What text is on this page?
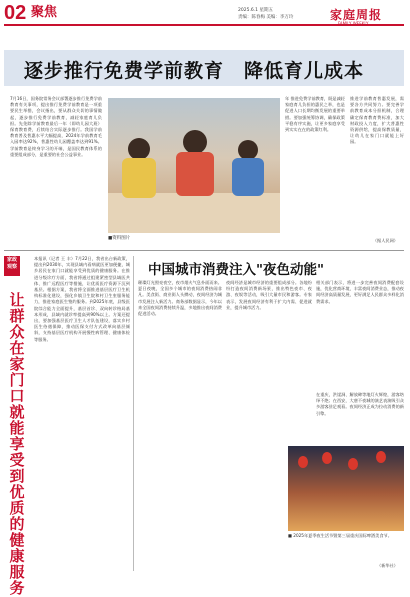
02 聚焦	2025.6.1 星期五
责编：陈春梅 美编：李万玲	家庭周报
FAMILY WEEKLY
逐步推行免费学前教育　降低育儿成本
7月16日，国务院常务会议部署逐步推行免费学前教育有关事项，提出推行免费学前教育是一项重要民生举措，会议指出，要从群众关切的事情做起，逐步推行免费学前教育，减轻家庭育儿负担。先免除学前教育最后一年（即幼儿园大班）保育教育费，后续结合实际逐步推行。我国学前教育普及普惠水平大幅提高，2024年学前教育毛入园率达92%，普惠性幼儿园覆盖率达到91%。学前教育是终身学习的开端，是国民教育体系的重要组成部分，是重要的社会公益事业。
■资料图片
年 推进免费学前教育，既是减轻家庭育儿负担的惠民之举，也是促进人口长期均衡发展的重要举措。要加强统筹协调，确保政策平稳有序实施，让更多家庭享受到实实在在的政策红利。
推进学前教育普惠发展，需要各方共同努力。要完善学前教育成本分担机制，合理确定保育教育费标准，加大财政投入力度，扩大普惠性资源供给，提高保教质量，让幼儿在家门口就能上好园。
（据人民网）
家政
观察
让群众在家门口就能享受到优质的健康服务
本报讯（记者 王 丰）7月22日，我省出台新政策，提出到2030年，实现县域内看病就医更加便捷，城乡居民在家门口就能享受到优质的健康服务。在推进分级诊疗方面，我省将通过组建紧密型县域医共体、推广远程医疗等措施，让优质医疗资源下沉到基层。根据方案，我省将全面推进基层医疗卫生机构标准化建设，强化乡镇卫生院和村卫生室服务能力，推进家庭医生签约服务。到2025年底，县级医院综合能力全面提升，基层首诊、双向转诊格局基本形成，县域内就诊率提高到90%以上。方案还提出，要加强基层医疗卫生人才队伍建设，落实乡村医生待遇保障，推动医保支付方式改革向基层倾斜，支持基层医疗机构开展慢性病管理、健康体检等服务。
中国城市消费注入"夜色动能"
璀璨灯光照亮夜空，夜市烟火气息扑面而来。夏日夜晚，全国多个城市的夜间消费热闹非凡。美食街、商业街人头攒动，夜间经济为城市发展注入新活力。商务部数据显示，今年以来全国夜间消费持续升温，多地推出夜间消费促进活动。
夜间经济是城市经济的重要组成部分。各地纷纷打造夜间消费新场景，推出特色夜市、夜游、夜娱等活动，吸引大量市民和游客。专家表示，发展夜间经济有利于扩大内需、促进就业，提升城市活力。
相关部门表示，将进一步完善夜间消费配套设施，优化营商环境，丰富夜间消费业态，推动夜间经济高质量发展，更好满足人民群众多样化消费需求。
在重庆，洪崖洞、解放碑等地灯火辉煌，游客络绎不绝；在西安，大唐不夜城的演艺表演吸引众多游客驻足观看。夜间经济正成为拉动消费的新引擎。
■ 2025年夏季夜生活节暨第三届重庆国际啤酒美食节。
（新华社）
